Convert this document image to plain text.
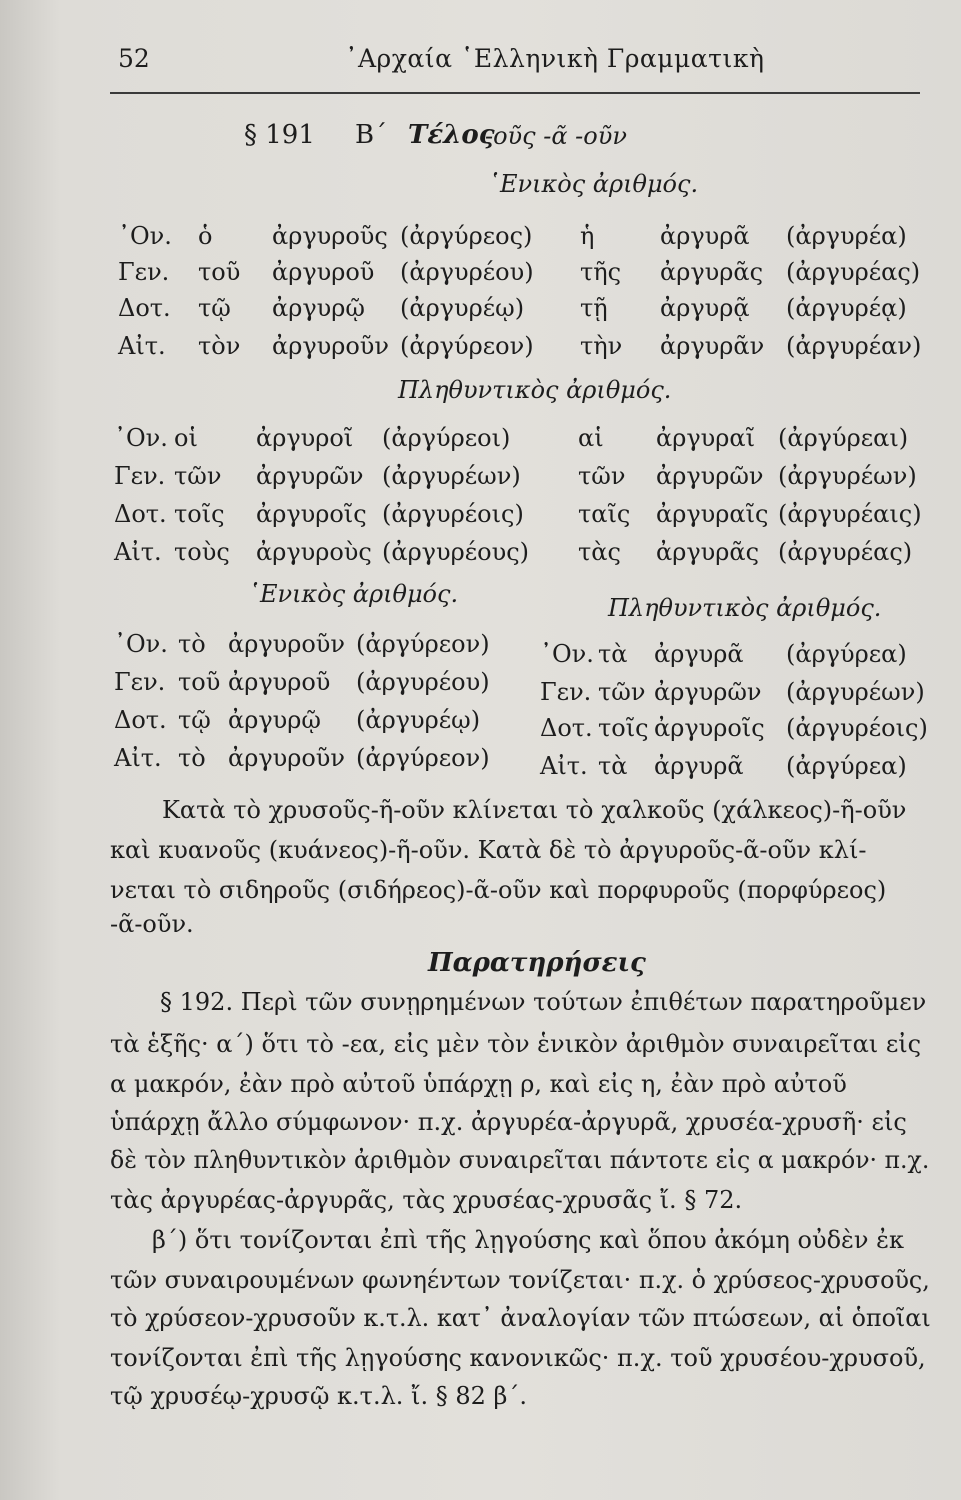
52	᾿Αρχαία ῾Ελληνικὴ Γραμματικὴ
§ 191 Β΄ Τέλος
-οῦς -ᾶ -οῦν
῾Ενικὸς ἀριθμός.
᾿Ον. ὁ ἀργυροῦς (ἀργύρεος) ἡ	ἀργυρᾶ (ἀργυρέα)
Γεν. τοῦ ἀργυροῦ (ἀργυρέου) τῆς ἀργυρᾶς (ἀργυρέας)
Δοτ. τῷ ἀργυρῷ (ἀργυρέῳ) τῇ ἀργυρᾷ (ἀργυρέᾳ)
Αἰτ. τὸν ἀργυροῦν (ἀργύρεον) τὴν ἀργυρᾶν (ἀργυρέαν)
Πληθυντικὸς ἀριθμός.
᾿Ον. οἱ ἀργυροῖ (ἀργύρεοι)	αἱ ἀργυραῖ (ἀργύρεαι)
Γεν. τῶν ἀργυρῶν (ἀργυρέων) τῶν ἀργυρῶν (ἀργυρέων)
Δοτ. τοῖς ἀργυροῖς (ἀργυρέοις) ταῖς ἀργυραῖς (ἀργυρέαις)
Αἰτ. τοὺς ἀργυροὺς (ἀργυρέους) τὰς ἀργυρᾶς (ἀργυρέας)
῾Ενικὸς ἀριθμός.	Πληθυντικὸς ἀριθμός.
᾿Ον. τὸ ἀργυροῦν (ἀργύρεον)
Γεν. τοῦ ἀργυροῦ (ἀργυρέου)
Δοτ. τῷ ἀργυρῷ (ἀργυρέῳ)
Αἰτ. τὸ ἀργυροῦν (ἀργύρεον)
᾿Ον. τὰ ἀργυρᾶ (ἀργύρεα)
Γεν. τῶν ἀργυρῶν (ἀργυρέων)
Δοτ. τοῖς ἀργυροῖς (ἀργυρέοις)
Αἰτ. τὰ ἀργυρᾶ (ἀργύρεα)
Κατὰ τὸ χρυσοῦς-ῆ-οῦν κλίνεται τὸ χαλκοῦς (χάλκεος)-ῆ-οῦν
καὶ κυανοῦς (κυάνεος)-ῆ-οῦν. Κατὰ δὲ τὸ ἀργυροῦς-ᾶ-οῦν κλί-
νεται τὸ σιδηροῦς (σιδήρεος)-ᾶ-οῦν καὶ πορφυροῦς (πορφύρεος)
-ᾶ-οῦν.
Παρατηρήσεις
§ 192. Περὶ τῶν συνῃρημένων τούτων ἐπιθέτων παρατηροῦμεν
τὰ ἑξῆς· α΄) ὅτι τὸ -εα, εἰς μὲν τὸν ἑνικὸν ἀριθμὸν συναιρεῖται εἰς
α μακρόν, ἐὰν πρὸ αὐτοῦ ὑπάρχῃ ρ, καὶ εἰς η, ἐὰν πρὸ αὐτοῦ
ὑπάρχῃ ἄλλο σύμφωνον· π.χ. ἀργυρέα-ἀργυρᾶ, χρυσέα-χρυσῆ· εἰς
δὲ τὸν πληθυντικὸν ἀριθμὸν συναιρεῖται πάντοτε εἰς α μακρόν· π.χ.
τὰς ἀργυρέας-ἀργυρᾶς, τὰς χρυσέας-χρυσᾶς ἴ. § 72.
β΄) ὅτι τονίζονται ἐπὶ τῆς λῃγούσης καὶ ὅπου ἀκόμη οὐδὲν ἐκ
τῶν συναιρουμένων φωνηέντων τονίζεται· π.χ. ὁ χρύσεος-χρυσοῦς,
τὸ χρύσεον-χρυσοῦν κ.τ.λ. κατ᾿ ἀναλογίαν τῶν πτώσεων, αἱ ὁποῖαι
τονίζονται ἐπὶ τῆς λῃγούσης κανονικῶς· π.χ. τοῦ χρυσέου-χρυσοῦ,
τῷ χρυσέῳ-χρυσῷ κ.τ.λ. ἴ. § 82 β΄.
